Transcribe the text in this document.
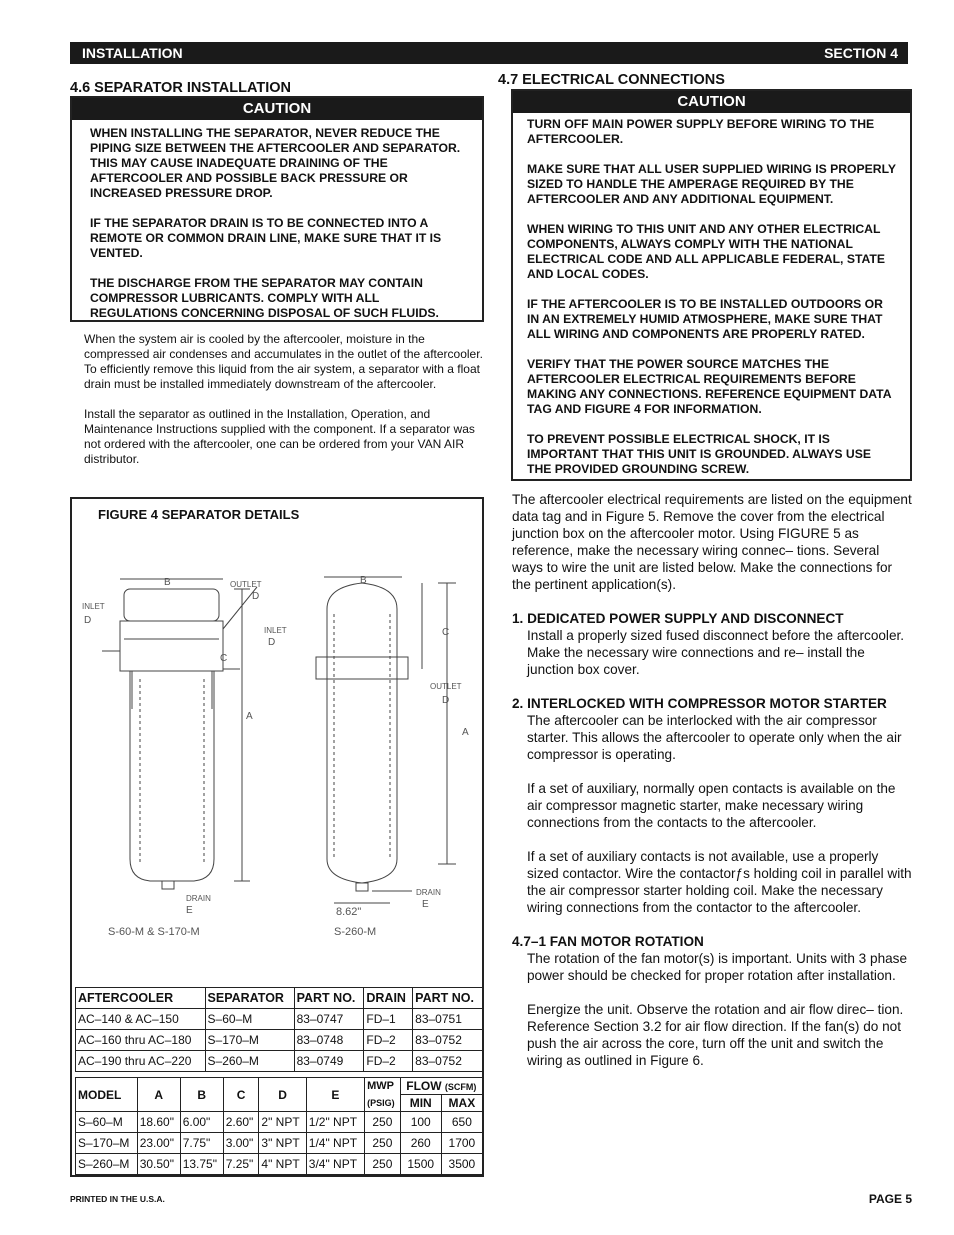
INSTALLATION	SECTION 4
4.6 SEPARATOR INSTALLATION
CAUTION

WHEN INSTALLING THE SEPARATOR, NEVER REDUCE THE PIPING SIZE BETWEEN THE AFTERCOOLER AND SEPARATOR. THIS MAY CAUSE INADEQUATE DRAINING OF THE AFTERCOOLER AND POSSIBLE BACK PRESSURE OR INCREASED PRESSURE DROP.

IF THE SEPARATOR DRAIN IS TO BE CONNECTED INTO A REMOTE OR COMMON DRAIN LINE, MAKE SURE THAT IT IS VENTED.

THE DISCHARGE FROM THE SEPARATOR MAY CONTAIN COMPRESSOR LUBRICANTS. COMPLY WITH ALL REGULATIONS CONCERNING DISPOSAL OF SUCH FLUIDS.

When the system air is cooled by the aftercooler, moisture in the compressed air condenses and accumulates in the outlet of the aftercooler. To efficiently remove this liquid from the air system, a separator with a float drain must be installed immediately downstream of the aftercooler.

Install the separator as outlined in the Installation, Operation, and Maintenance Instructions supplied with the component. If a separator was not ordered with the aftercooler, one can be ordered from your VAN AIR distributor.

FIGURE 4 SEPARATOR DETAILS
B	OUTLET
D
INLET
D
C
A
DRAIN
E
S-60-M & S-170-M
B
INLET
D
C
OUTLET
D
A
8.62"
DRAIN
E
S-260-M
AFTERCOOLER	SEPARATOR	PART NO.	DRAIN	PART NO.
AC–140 & AC–150	S–60–M	83–0747	FD–1	83–0751
AC–160 thru AC–180	S–170–M	83–0748	FD–2	83–0752
AC–190 thru AC–220	S–260–M	83–0749	FD–2	83–0752
MODEL	A	B	C	D	E	MWP	FLOW (SCFM)	
						(PSIG)	MIN	MAX
S–60–M	18.60"	6.00"	2.60"	2" NPT	1/2" NPT	250	100	650
S–170–M	23.00"	7.75"	3.00"	3" NPT	1/4" NPT	250	260	1700
S–260–M	30.50"	13.75"	7.25"	4" NPT	3/4" NPT	250	1500	3500
4.7 ELECTRICAL CONNECTIONS
CAUTION

TURN OFF MAIN POWER SUPPLY BEFORE WIRING TO THE AFTERCOOLER.

MAKE SURE THAT ALL USER SUPPLIED WIRING IS PROPERLY SIZED TO HANDLE THE AMPERAGE REQUIRED BY THE AFTERCOOLER AND ANY ADDITIONAL EQUIPMENT.

WHEN WIRING TO THIS UNIT AND ANY OTHER ELECTRICAL COMPONENTS, ALWAYS COMPLY WITH THE NATIONAL ELECTRICAL CODE AND ALL APPLICABLE FEDERAL, STATE AND LOCAL CODES.

IF THE AFTERCOOLER IS TO BE INSTALLED OUTDOORS OR IN AN EXTREMELY HUMID ATMOSPHERE, MAKE SURE THAT ALL WIRING AND COMPONENTS ARE PROPERLY RATED.

VERIFY THAT THE POWER SOURCE MATCHES THE AFTERCOOLER ELECTRICAL REQUIREMENTS BEFORE MAKING ANY CONNECTIONS. REFERENCE EQUIPMENT DATA TAG AND FIGURE 4 FOR INFORMATION.

TO PREVENT POSSIBLE ELECTRICAL SHOCK, IT IS IMPORTANT THAT THIS UNIT IS GROUNDED. ALWAYS USE THE PROVIDED GROUNDING SCREW.

The aftercooler electrical requirements are listed on the equipment data tag and in Figure 5. Remove the cover from the electrical junction box on the aftercooler motor. Using FIGURE 5 as reference, make the necessary wiring connec– tions. Several ways to wire the unit are listed below. Make the connections for the pertinent application(s).

1. DEDICATED POWER SUPPLY AND DISCONNECT

Install a properly sized fused disconnect before the aftercooler. Make the necessary wire connections and re– install the junction box cover.

2. INTERLOCKED WITH COMPRESSOR MOTOR STARTER

The aftercooler can be interlocked with the air compressor starter. This allows the aftercooler to operate only when the air compressor is operating.

If a set of auxiliary, normally open contacts is available on the air compressor magnetic starter, make necessary wiring connections from the contacts to the aftercooler.

If a set of auxiliary contacts is not available, use a properly sized contactor. Wire the contactorƒs holding coil in parallel with the air compressor starter holding coil. Make the necessary wiring connections from the contactor to the aftercooler.

4.7–1 FAN MOTOR ROTATION

The rotation of the fan motor(s) is important. Units with 3 phase power should be checked for proper rotation after installation.

Energize the unit. Observe the rotation and air flow direc– tion. Reference Section 3.2 for air flow direction. If the fan(s) do not push the air across the core, turn off the unit and switch the wiring as outlined in Figure 6.

PRINTED IN THE U.S.A.	PAGE 5
